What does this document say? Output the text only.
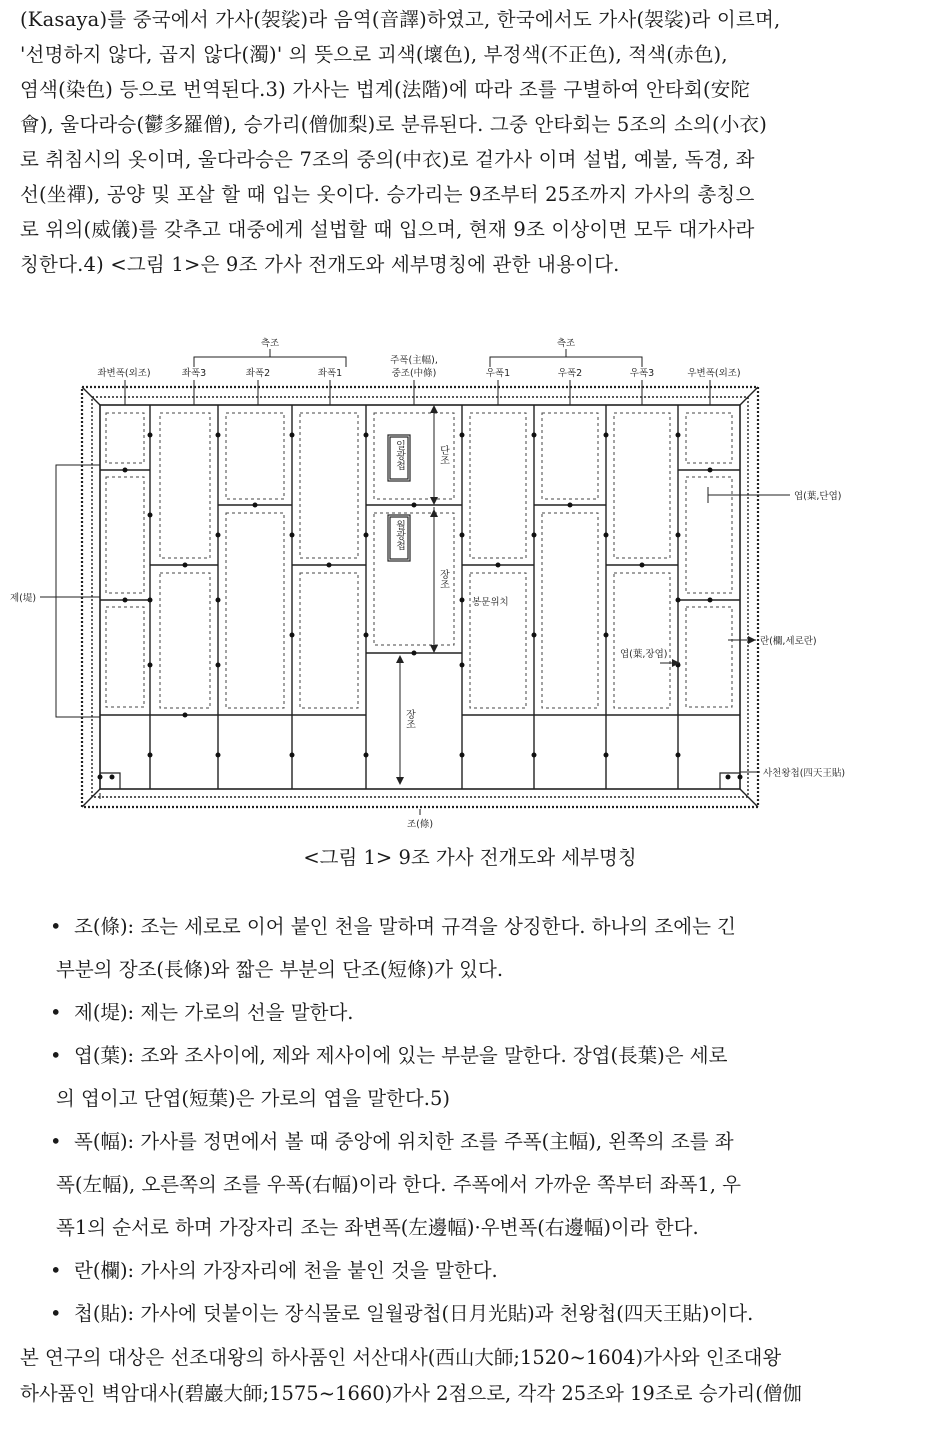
(Kasaya)를 중국에서 가사(袈裟)라 음역(音譯)하였고, 한국에서도 가사(袈裟)라 이르며,
'선명하지 않다, 곱지 않다(濁)' 의 뜻으로 괴색(壞色), 부정색(不正色), 적색(赤色),
염색(染色) 등으로 번역된다.3) 가사는 법계(法階)에 따라 조를 구별하여 안타회(安陀
會), 울다라승(鬱多羅僧), 승가리(僧伽梨)로 분류된다. 그중 안타회는 5조의 소의(小衣)
로 취침시의 옷이며, 울다라승은 7조의 중의(中衣)로 겉가사 이며 설법, 예불, 독경, 좌
선(坐禪), 공양 및 포살 할 때 입는 옷이다. 승가리는 9조부터 25조까지 가사의 총칭으
로 위의(威儀)를 갖추고 대중에게 설법할 때 입으며, 현재 9조 이상이면 모두 대가사라
칭한다.4) <그림 1>은 9조 가사 전개도와 세부명칭에 관한 내용이다.
측조	측조
좌변폭(외조)	좌폭3	좌폭2	좌폭1
주폭(主幅),
중조(中條)	우폭1	우폭2	우폭3	우변폭(외조)
제(堤)
엽(葉,단엽)
엽(葉,장엽)
란(欄,세로란)
봉문위치
사천왕첩(四天王貼)
조(條)
일광첩
월광첩
단조
장조
장조
<그림 1> 9조 가사 전개도와 세부명칭
• 조(條): 조는 세로로 이어 붙인 천을 말하며 규격을 상징한다. 하나의 조에는 긴
부분의 장조(長條)와 짧은 부분의 단조(短條)가 있다.
• 제(堤): 제는 가로의 선을 말한다.
• 엽(葉): 조와 조사이에, 제와 제사이에 있는 부분을 말한다. 장엽(長葉)은 세로
의 엽이고 단엽(短葉)은 가로의 엽을 말한다.5)
• 폭(幅): 가사를 정면에서 볼 때 중앙에 위치한 조를 주폭(主幅), 왼쪽의 조를 좌
폭(左幅), 오른쪽의 조를 우폭(右幅)이라 한다. 주폭에서 가까운 쪽부터 좌폭1, 우
폭1의 순서로 하며 가장자리 조는 좌변폭(左邊幅)·우변폭(右邊幅)이라 한다.
• 란(欄): 가사의 가장자리에 천을 붙인 것을 말한다.
• 첩(貼): 가사에 덧붙이는 장식물로 일월광첩(日月光貼)과 천왕첩(四天王貼)이다.
본 연구의 대상은 선조대왕의 하사품인 서산대사(西山大師;1520~1604)가사와 인조대왕
하사품인 벽암대사(碧巖大師;1575~1660)가사 2점으로, 각각 25조와 19조로 승가리(僧伽
